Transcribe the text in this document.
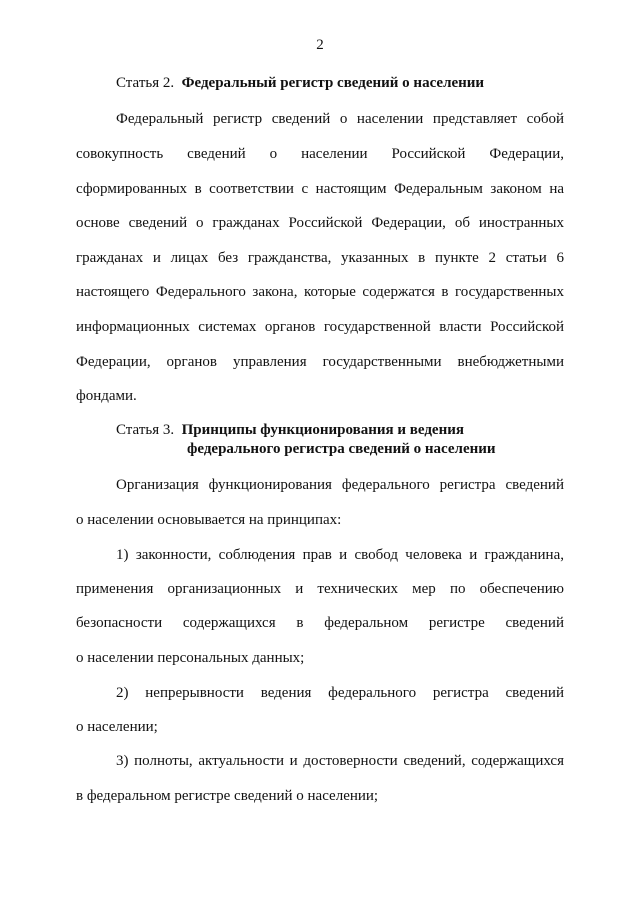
2
Статья 2. Федеральный регистр сведений о населении
Федеральный регистр сведений о населении представляет собой
совокупность сведений о населении Российской Федерации,
сформированных в соответствии с настоящим Федеральным законом на
основе сведений о гражданах Российской Федерации, об иностранных
гражданах и лицах без гражданства, указанных в пункте 2 статьи 6
настоящего Федерального закона, которые содержатся в государственных
информационных системах органов государственной власти Российской
Федерации, органов управления государственными внебюджетными
фондами.
Статья 3. Принципы функционирования и ведения
федерального регистра сведений о населении
Организация функционирования федерального регистра сведений
о населении основывается на принципах:
1) законности, соблюдения прав и свобод человека и гражданина,
применения организационных и технических мер по обеспечению
безопасности содержащихся в федеральном регистре сведений
о населении персональных данных;
2) непрерывности ведения федерального регистра сведений
о населении;
3) полноты, актуальности и достоверности сведений, содержащихся
в федеральном регистре сведений о населении;
